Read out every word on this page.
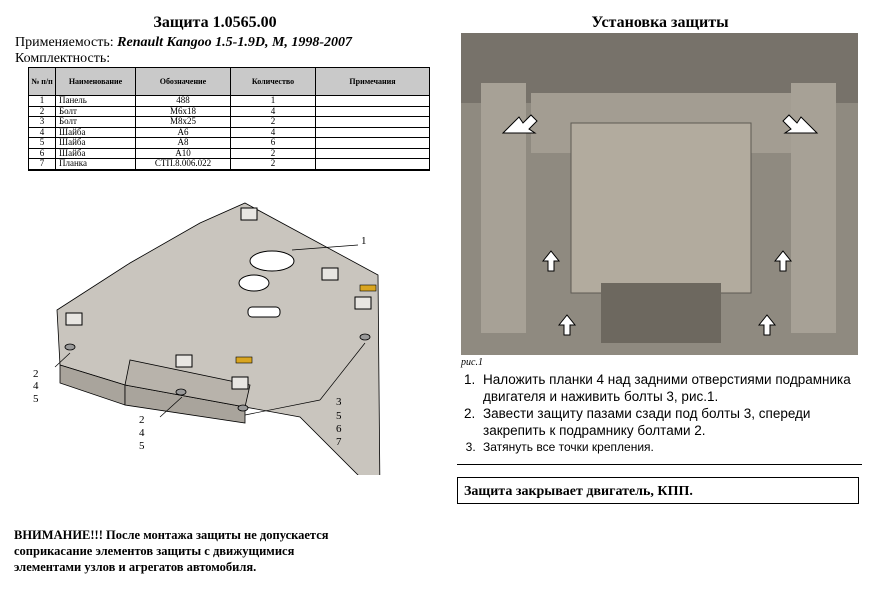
Защита 1.0565.00
Применяемость: Renault Kangoo 1.5-1.9D, M, 1998-2007
Комплектность:
№ п/п	Наименование	Обозначение	Количество	Примечания
1	Панель	488	1	
2	Болт	М6х18	4	
3	Болт	М8х25	2	
4	Шайба	А6	4	
5	Шайба	А8	6	
6	Шайба	А10	2	
7	Планка	СТП.8.006.022	2	
1
2
4
5
2
4
5
3
5
6
7
Установка защиты
рис.1
1. Наложить планки 4 над задними отверстиями подрамника двигателя и наживить болты 3, рис.1.
2. Завести защиту пазами сзади под болты 3, спереди закрепить к подрамнику болтами 2.
3. Затянуть все точки крепления.
Защита закрывает двигатель, КПП.
ВНИМАНИЕ!!! После монтажа защиты не допускается
соприкасание элементов защиты с движущимися
элементами узлов и агрегатов автомобиля.
